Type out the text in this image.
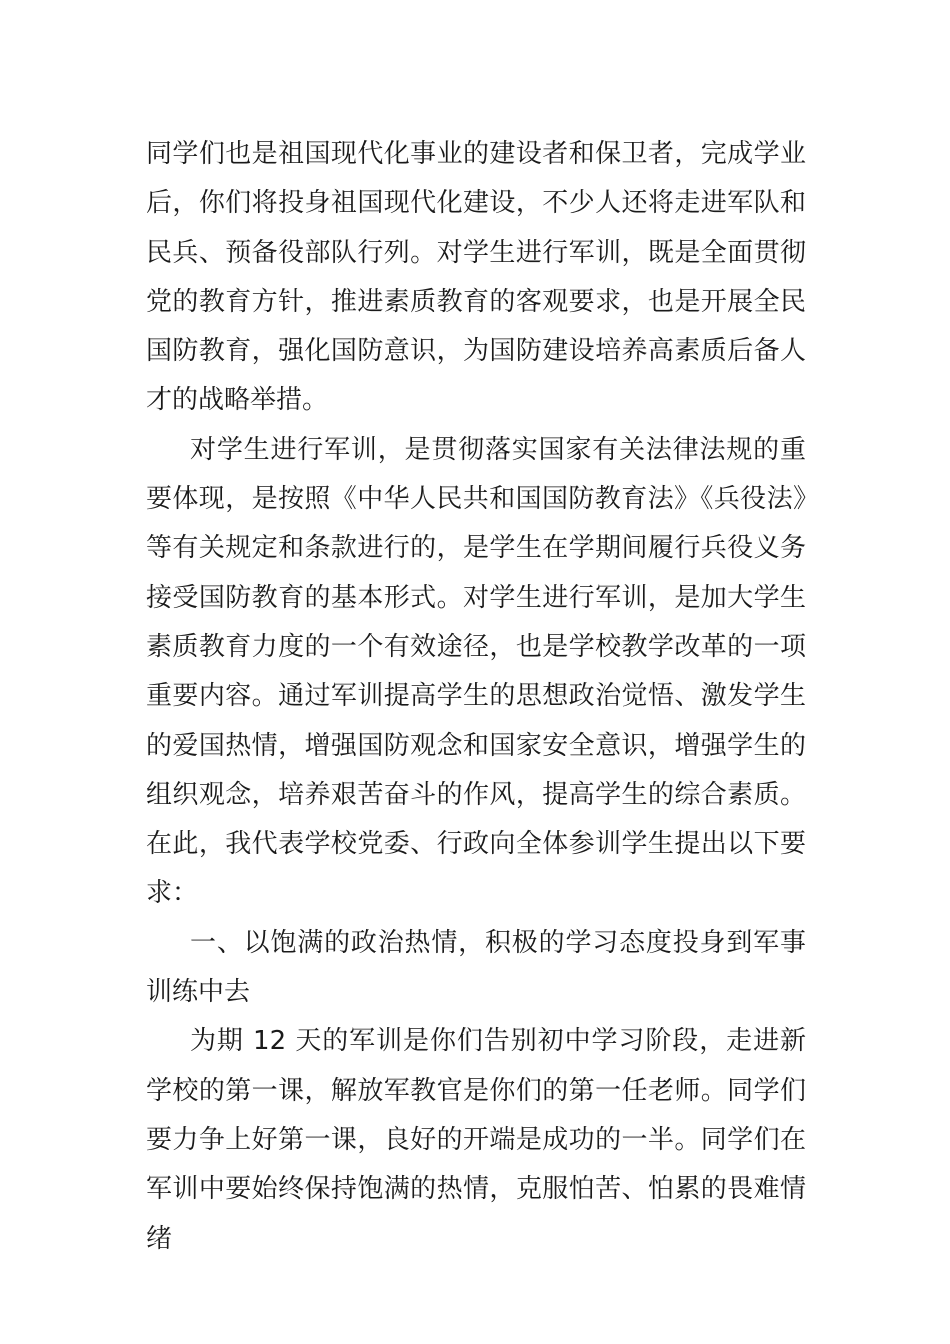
同学们也是祖国现代化事业的建设者和保卫者，完成学业后，你们将投身祖国现代化建设，不少人还将走进军队和民兵、预备役部队行列。对学生进行军训，既是全面贯彻党的教育方针，推进素质教育的客观要求，也是开展全民国防教育，强化国防意识，为国防建设培养高素质后备人才的战略举措。

对学生进行军训，是贯彻落实国家有关法律法规的重要体现，是按照《中华人民共和国国防教育法》《兵役法》等有关规定和条款进行的，是学生在学期间履行兵役义务接受国防教育的基本形式。对学生进行军训，是加大学生素质教育力度的一个有效途径，也是学校教学改革的一项重要内容。通过军训提高学生的思想政治觉悟、激发学生的爱国热情，增强国防观念和国家安全意识，增强学生的组织观念，培养艰苦奋斗的作风，提高学生的综合素质。在此，我代表学校党委、行政向全体参训学生提出以下要求：

一、以饱满的政治热情，积极的学习态度投身到军事训练中去

为期 12 天的军训是你们告别初中学习阶段，走进新学校的第一课，解放军教官是你们的第一任老师。同学们要力争上好第一课，良好的开端是成功的一半。同学们在军训中要始终保持饱满的热情，克服怕苦、怕累的畏难情绪
